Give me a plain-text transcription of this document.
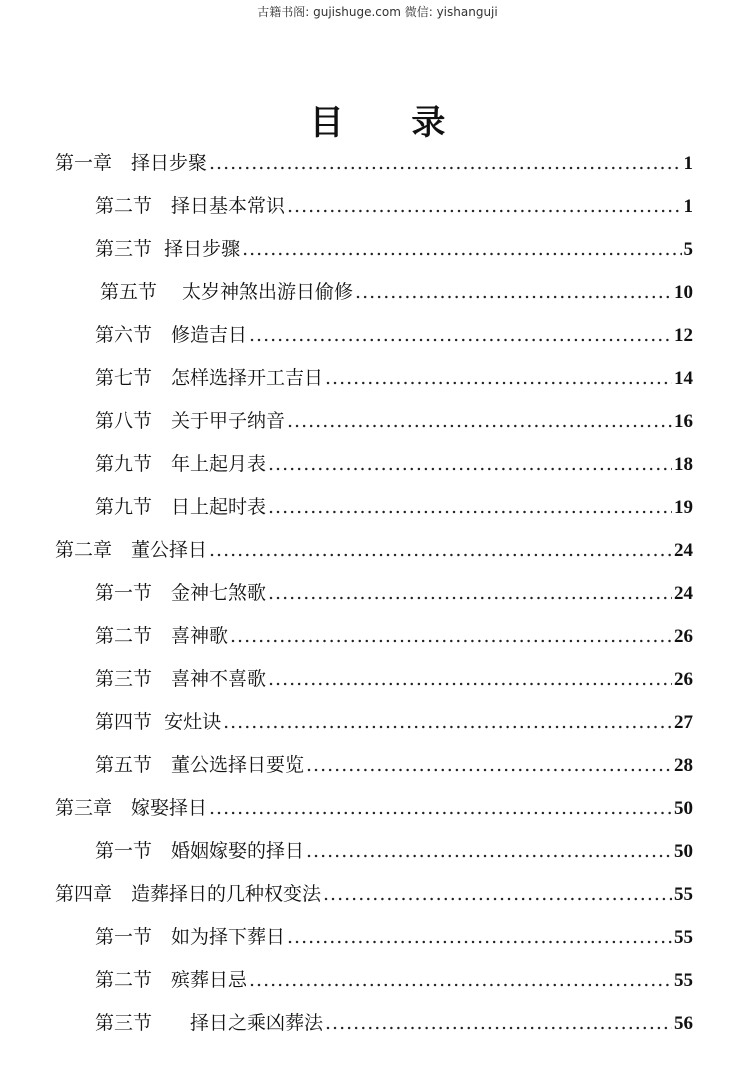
古籍书阁: gujishuge.com 微信: yishanguji
目 录
第一章　择日步聚 .....	1
第二节　择日基本常识 .....	1
第三节  择日步骤 .....	5
第五节　 太岁神煞出游日偷修 .....	10
第六节　修造吉日 .....	12
第七节　怎样选择开工吉日 .....	14
第八节　关于甲子纳音 .....	16
第九节　年上起月表 .....	18
第九节　日上起时表 .....	19
第二章　董公择日 .....	24
第一节　金神七煞歌 .....	24
第二节　喜神歌 .....	26
第三节　喜神不喜歌 .....	26
第四节  安灶诀 .....	27
第五节　董公选择日要览 .....	28
第三章　嫁娶择日 .....	50
第一节　婚姻嫁娶的择日 .....	50
第四章　造葬择日的几种权变法 .....	55
第一节　如为择下葬日 .....	55
第二节　殡葬日忌 .....	55
第三节　　择日之乘凶葬法 .....	56
